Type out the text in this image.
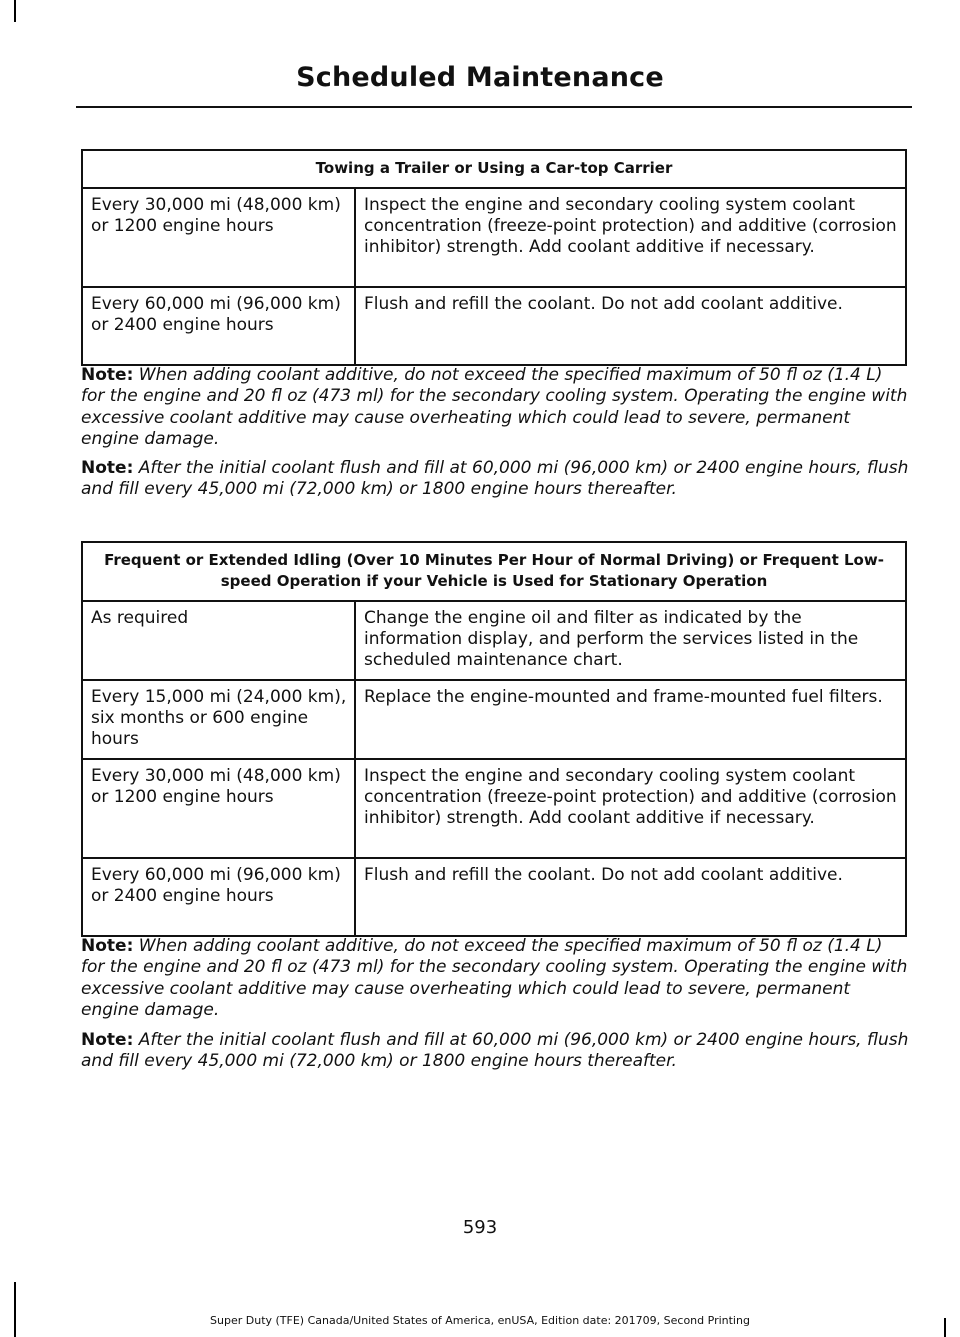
Scheduled Maintenance
Towing a Trailer or Using a Car-top Carrier	
Every 30,000 mi (48,000 km) or 1200 engine hours	Inspect the engine and secondary cooling system coolant concentration (freeze-point protection) and additive (corrosion inhibitor) strength. Add coolant additive if necessary.
Every 60,000 mi (96,000 km) or 2400 engine hours	Flush and refill the coolant. Do not add coolant additive.
Note: When adding coolant additive, do not exceed the specified maximum of 50 fl oz (1.4 L) for the engine and 20 fl oz (473 ml) for the secondary cooling system. Operating the engine with excessive coolant additive may cause overheating which could lead to severe, permanent engine damage.
Note: After the initial coolant flush and fill at 60,000 mi (96,000 km) or 2400 engine hours, flush and fill every 45,000 mi (72,000 km) or 1800 engine hours thereafter.
Frequent or Extended Idling (Over 10 Minutes Per Hour of Normal Driving) or Frequent Low-speed Operation if your Vehicle is Used for Stationary Operation	
As required	Change the engine oil and filter as indicated by the information display, and perform the services listed in the scheduled maintenance chart.
Every 15,000 mi (24,000 km), six months or 600 engine hours	Replace the engine-mounted and frame-mounted fuel filters.
Every 30,000 mi (48,000 km) or 1200 engine hours	Inspect the engine and secondary cooling system coolant concentration (freeze-point protection) and additive (corrosion inhibitor) strength. Add coolant additive if necessary.
Every 60,000 mi (96,000 km) or 2400 engine hours	Flush and refill the coolant. Do not add coolant additive.
Note: When adding coolant additive, do not exceed the specified maximum of 50 fl oz (1.4 L) for the engine and 20 fl oz (473 ml) for the secondary cooling system. Operating the engine with excessive coolant additive may cause overheating which could lead to severe, permanent engine damage.
Note: After the initial coolant flush and fill at 60,000 mi (96,000 km) or 2400 engine hours, flush and fill every 45,000 mi (72,000 km) or 1800 engine hours thereafter.
593
Super Duty (TFE) Canada/United States of America, enUSA, Edition date: 201709, Second Printing
